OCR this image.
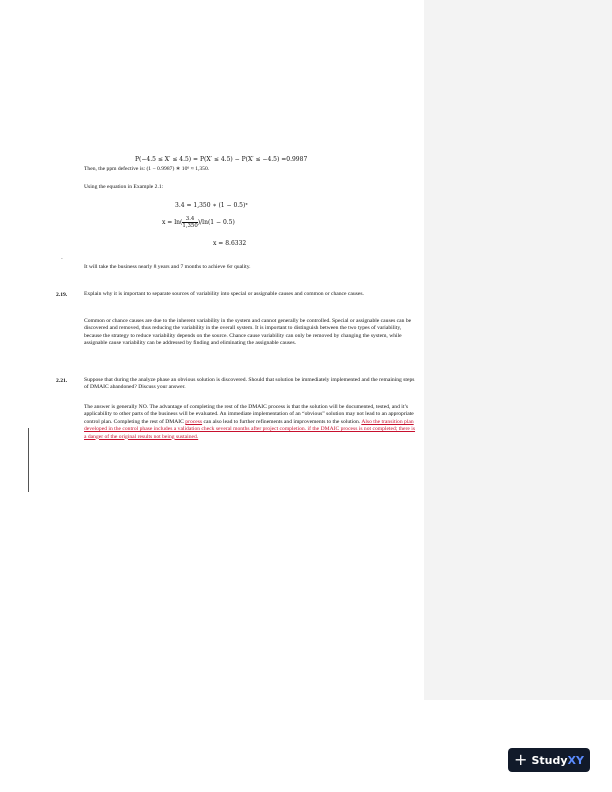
P(−4.5 ≤ X′ ≤ 4.5) = P(X′ ≤ 4.5) − P(X′ ≤ −4.5) =0.9987
Then, the ppm defective is: (1 − 0.9987) ∗ 10⁶ ≈ 1,350.
Using the equation in Example 2.1:
3.4 = 1,350 ∗ (1 − 0.5)ˣ
$x = \ln( \frac{3.4}{1,350} )/\ln(1 - 0.5)$
x = 8.6332
`
It will take the business nearly 8 years and 7 months to achieve 6σ quality.
2.19.	Explain why it is important to separate sources of variability into special or assignable causes and common or chance causes.
Common or chance causes are due to the inherent variability in the system and cannot generally be controlled. Special or assignable causes can be discovered and removed, thus reducing the variability in the overall system. It is important to distinguish between the two types of variability, because the strategy to reduce variability depends on the source. Chance cause variability can only be removed by changing the system, while assignable cause variability can be addressed by finding and eliminating the assignable causes.
2.21.	Suppose that during the analyze phase an obvious solution is discovered. Should that solution be immediately implemented and the remaining steps of DMAIC abandoned? Discuss your answer.
The answer is generally NO. The advantage of completing the rest of the DMAIC process is that the solution will be documented, tested, and it’s applicability to other parts of the business will be evaluated. An immediate implementation of an “obvious” solution may not lead to an appropriate control plan. Completing the rest of DMAIC process can also lead to further refinements and improvements to the solution. Also the transition plan developed in the control phase includes a validation check several months after project completion. if the DMAIC process is not completed; there is a danger of the original results not being sustained.
+ StudyXY
